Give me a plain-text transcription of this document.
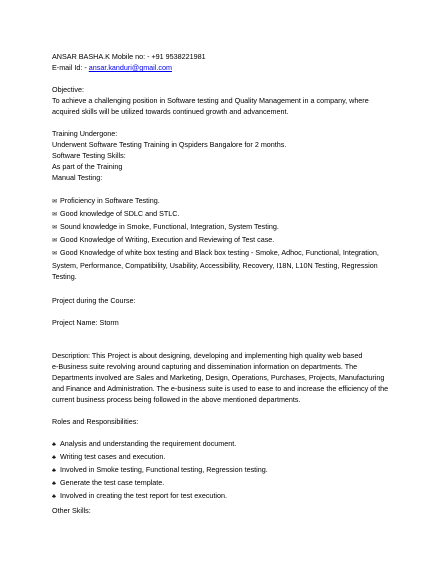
ANSAR BASHA.K Mobile no: - +91 9538221981
E-mail Id: - ansar.kanduri@gmail.com
Objective:
To achieve a challenging position in Software testing and Quality Management in a company, where
acquired skills will be utilized towards continued growth and advancement.
Training Undergone:
Underwent Software Testing Training in Qspiders Bangalore for 2 months.
Software Testing Skills:
As part of the Training
Manual Testing:
✉ Proficiency in Software Testing.
✉ Good knowledge of SDLC and STLC.
✉ Sound knowledge in Smoke, Functional, Integration, System Testing.
✉ Good Knowledge of Writing, Execution and Reviewing of Test case.
✉ Good Knowledge of white box testing and Black box testing - Smoke, Adhoc, Functional, Integration,
System, Performance, Compatibility, Usability, Accessibility, Recovery, I18N, L10N Testing, Regression
Testing.
Project during the Course:
Project Name: Storm
Description: This Project is about designing, developing and implementing high quality web based
e-Business suite revolving around capturing and dissemination information on departments. The
Departments involved are Sales and Marketing, Design, Operations, Purchases, Projects, Manufacturing
and Finance and Administration. The e-business suite is used to ease to and increase the efficiency of the
current business process being followed in the above mentioned departments.
Roles and Responsibilities:
♣ Analysis and understanding the requirement document.
♣ Writing test cases and execution.
♣ Involved in Smoke testing, Functional testing, Regression testing.
♣ Generate the test case template.
♣ Involved in creating the test report for test execution.
Other Skills:
